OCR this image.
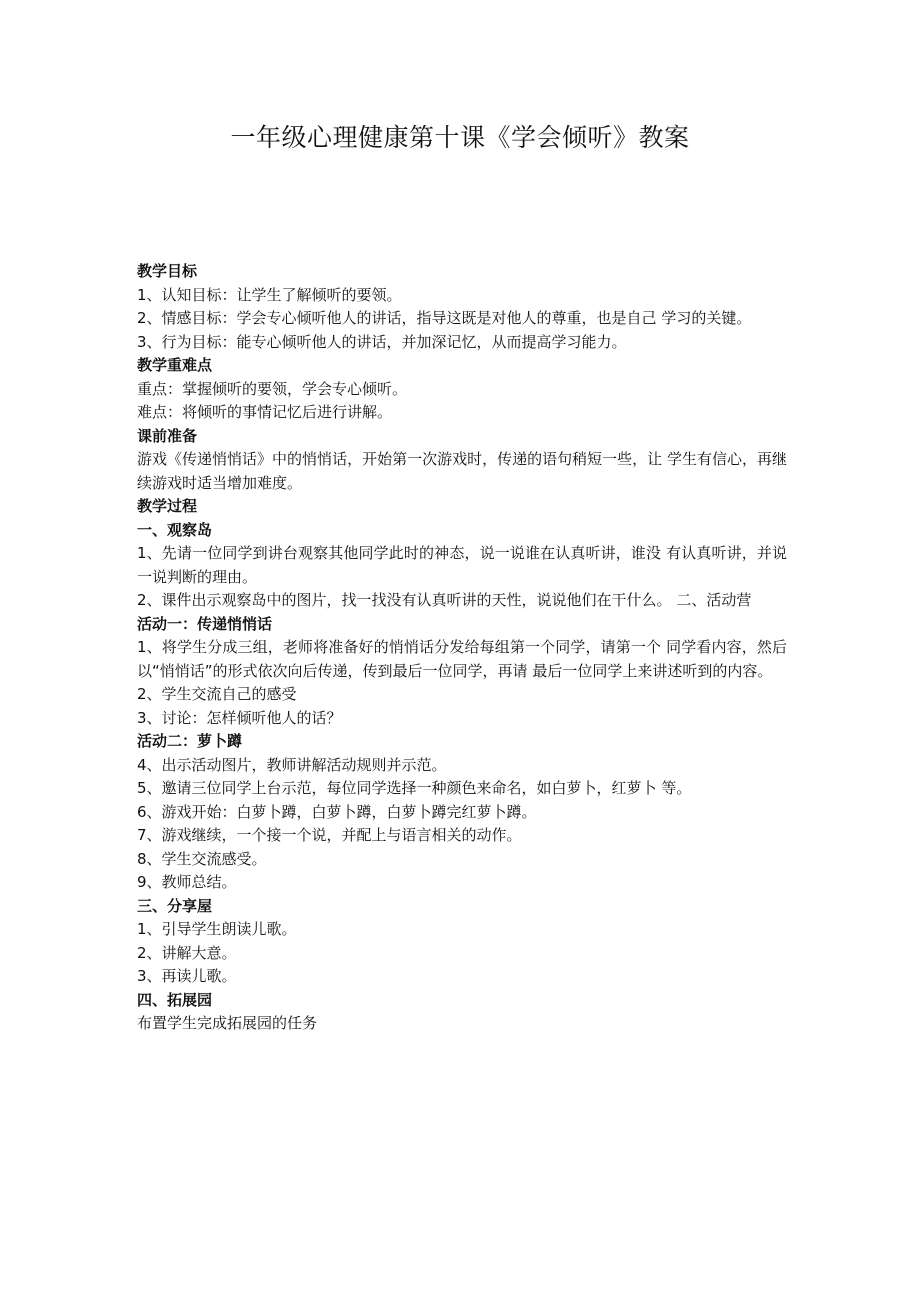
一年级心理健康第十课《学会倾听》教案

教学目标

1、认知目标：让学生了解倾听的要领。

2、情感目标：学会专心倾听他人的讲话，指导这既是对他人的尊重，也是自己 学习的关键。

3、行为目标：能专心倾听他人的讲话，并加深记忆，从而提高学习能力。

教学重难点

重点：掌握倾听的要领，学会专心倾听。

难点：将倾听的事情记忆后进行讲解。

课前准备

游戏《传递悄悄话》中的悄悄话，开始第一次游戏时，传递的语句稍短一些，让 学生有信心，再继续游戏时适当增加难度。

教学过程

一、观察岛

1、先请一位同学到讲台观察其他同学此时的神态，说一说谁在认真听讲，谁没 有认真听讲，并说一说判断的理由。

2、课件出示观察岛中的图片，找一找没有认真听讲的天性，说说他们在干什么。 二、活动营

活动一：传递悄悄话

1、将学生分成三组，老师将准备好的悄悄话分发给每组第一个同学，请第一个 同学看内容，然后以“悄悄话”的形式依次向后传递，传到最后一位同学，再请 最后一位同学上来讲述听到的内容。

2、学生交流自己的感受

3、讨论：怎样倾听他人的话？

活动二：萝卜蹲

4、出示活动图片，教师讲解活动规则并示范。

5、邀请三位同学上台示范，每位同学选择一种颜色来命名，如白萝卜，红萝卜 等。

6、游戏开始：白萝卜蹲，白萝卜蹲，白萝卜蹲完红萝卜蹲。

7、游戏继续，一个接一个说，并配上与语言相关的动作。

8、学生交流感受。

9、教师总结。

三、分享屋

1、引导学生朗读儿歌。

2、讲解大意。

3、再读儿歌。

四、拓展园

布置学生完成拓展园的任务
